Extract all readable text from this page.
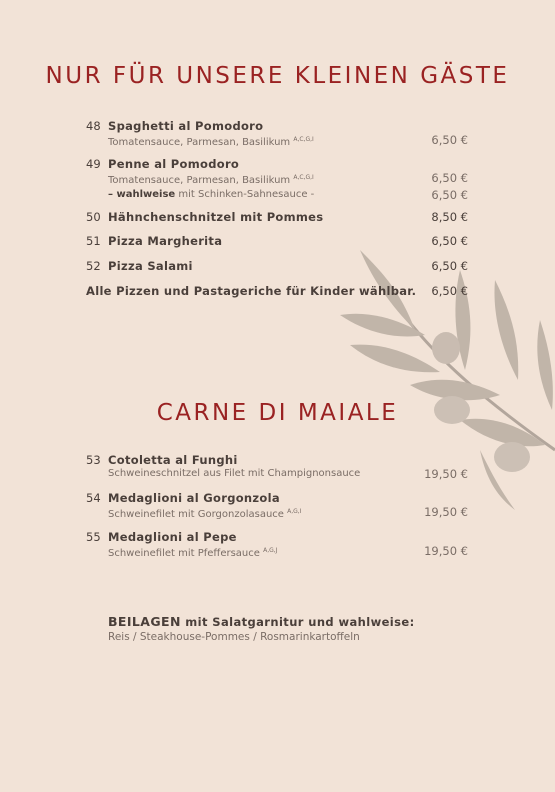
NUR FÜR UNSERE KLEINEN GÄSTE
48 Spaghetti al Pomodoro
Tomatensauce, Parmesan, Basilikum $^{A,C,G,I}$	6,50 €
49 Penne al Pomodoro
Tomatensauce, Parmesan, Basilikum $^{A,C,G,I}$	6,50 €
– wahlweise mit Schinken-Sahnesauce -	6,50 €
50 Hähnchenschnitzel mit Pommes	8,50 €
51 Pizza Margherita	6,50 €
52 Pizza Salami	6,50 €
Alle Pizzen und Pastageriche für Kinder wählbar.	6,50 €
CARNE DI MAIALE
53 Cotoletta al Funghi
Schweineschnitzel aus Filet mit Champignonsauce	19,50 €
54 Medaglioni al Gorgonzola
Schweinefilet mit Gorgonzolasauce $^{A,G,I}$	19,50 €
55 Medaglioni al Pepe
Schweinefilet mit Pfeffersauce $^{A,G,J}$	19,50 €
BEILAGEN mit Salatgarnitur und wahlweise:
Reis / Steakhouse-Pommes / Rosmarinkartoffeln
